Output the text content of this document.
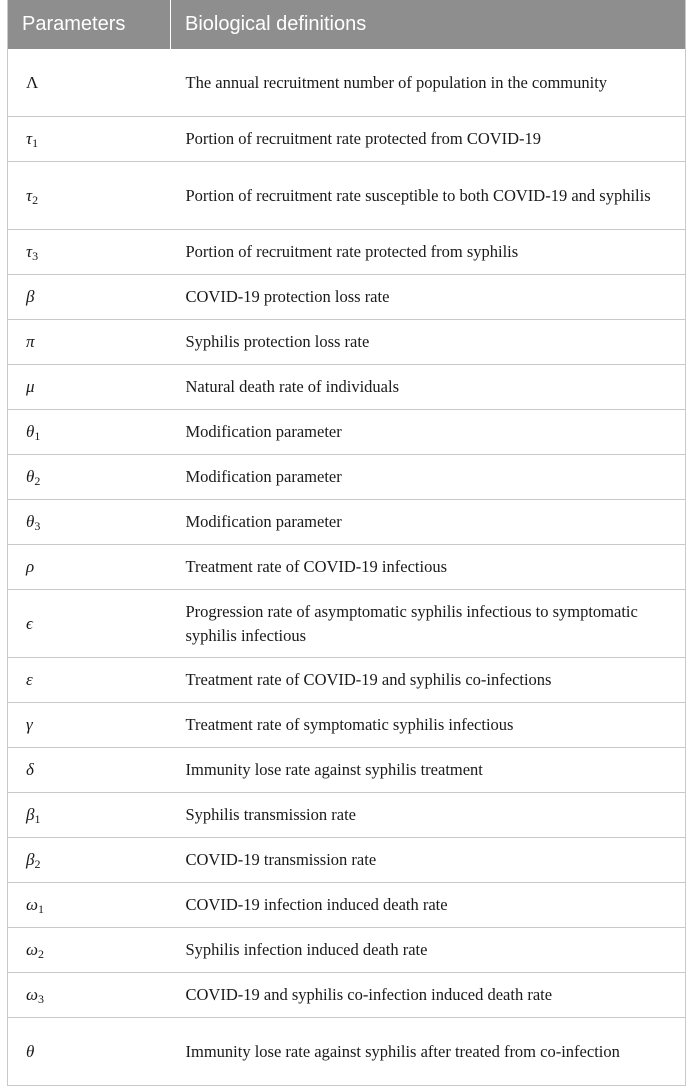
Parameters	Biological definitions
Λ	The annual recruitment number of population in the community
$\tau_1$	Portion of recruitment rate protected from COVID-19
$\tau_2$	Portion of recruitment rate susceptible to both COVID-19 and syphilis
$\tau_3$	Portion of recruitment rate protected from syphilis
β	COVID-19 protection loss rate
π	Syphilis protection loss rate
μ	Natural death rate of individuals
$\theta_1$	Modification parameter
$\theta_2$	Modification parameter
$\theta_3$	Modification parameter
ρ	Treatment rate of COVID-19 infectious
ϵ	Progression rate of asymptomatic syphilis infectious to symptomatic syphilis infectious
ε	Treatment rate of COVID-19 and syphilis co-infections
γ	Treatment rate of symptomatic syphilis infectious
δ	Immunity lose rate against syphilis treatment
$\beta_1$	Syphilis transmission rate
$\beta_2$	COVID-19 transmission rate
$\omega_1$	COVID-19 infection induced death rate
$\omega_2$	Syphilis infection induced death rate
$\omega_3$	COVID-19 and syphilis co-infection induced death rate
θ	Immunity lose rate against syphilis after treated from co-infection
